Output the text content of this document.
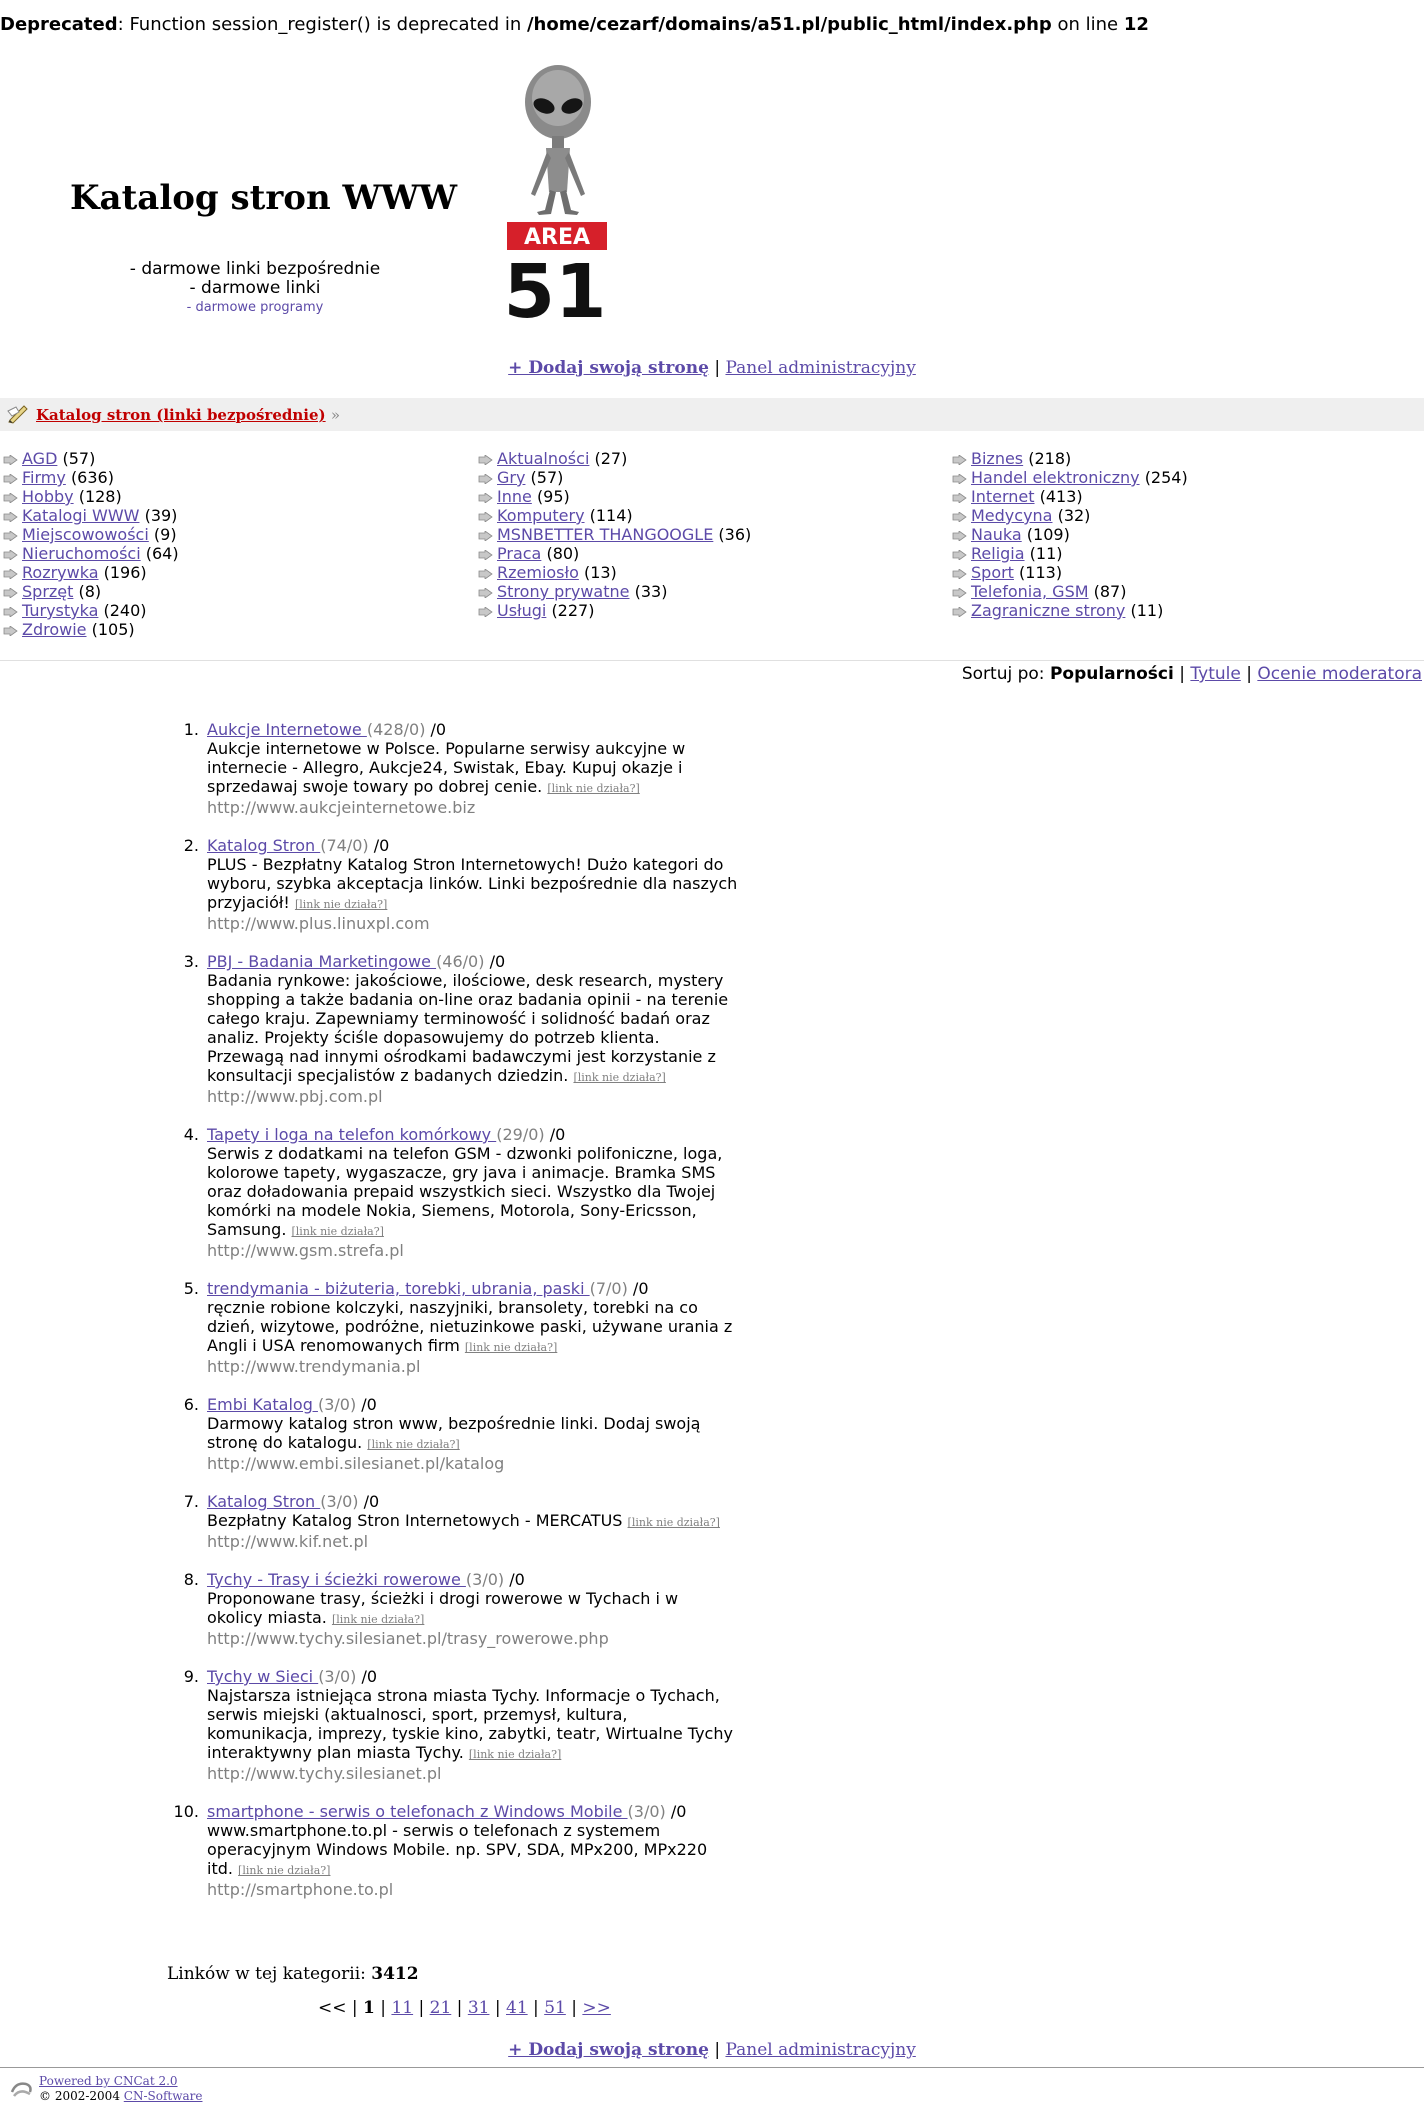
Deprecated: Function session_register() is deprecated in /home/cezarf/domains/a51.pl/public_html/index.php on line 12
Katalog stron WWW
- darmowe linki bezpośrednie
- darmowe linki
- darmowe programy
AREA
51
+ Dodaj swoją stronę | Panel administracyjny
Katalog stron (linki bezpośrednie) »
AGD (57)
Firmy (636)
Hobby (128)
Katalogi WWW (39)
Miejscowowości (9)
Nieruchomości (64)
Rozrywka (196)
Sprzęt (8)
Turystyka (240)
Zdrowie (105)
Aktualności (27)
Gry (57)
Inne (95)
Komputery (114)
MSNBETTER THANGOOGLE (36)
Praca (80)
Rzemiosło (13)
Strony prywatne (33)
Usługi (227)
Biznes (218)
Handel elektroniczny (254)
Internet (413)
Medycyna (32)
Nauka (109)
Religia (11)
Sport (113)
Telefonia, GSM (87)
Zagraniczne strony (11)
Sortuj po: Popularności | Tytule | Ocenie moderatora
1. Aukcje Internetowe (428/0) /0
Aukcje internetowe w Polsce. Popularne serwisy aukcyjne w internecie - Allegro, Aukcje24, Swistak, Ebay. Kupuj okazje i sprzedawaj swoje towary po dobrej cenie. [link nie działa?]
http://www.aukcjeinternetowe.biz
2. Katalog Stron (74/0) /0
PLUS - Bezpłatny Katalog Stron Internetowych! Dużo kategori do wyboru, szybka akceptacja linków. Linki bezpośrednie dla naszych przyjaciół! [link nie działa?]
http://www.plus.linuxpl.com
3. PBJ - Badania Marketingowe (46/0) /0
Badania rynkowe: jakościowe, ilościowe, desk research, mystery shopping a także badania on-line oraz badania opinii - na terenie całego kraju. Zapewniamy terminowość i solidność badań oraz analiz. Projekty ściśle dopasowujemy do potrzeb klienta. Przewagą nad innymi ośrodkami badawczymi jest korzystanie z konsultacji specjalistów z badanych dziedzin. [link nie działa?]
http://www.pbj.com.pl
4. Tapety i loga na telefon komórkowy (29/0) /0
Serwis z dodatkami na telefon GSM - dzwonki polifoniczne, loga, kolorowe tapety, wygaszacze, gry java i animacje. Bramka SMS oraz doładowania prepaid wszystkich sieci. Wszystko dla Twojej komórki na modele Nokia, Siemens, Motorola, Sony-Ericsson, Samsung. [link nie działa?]
http://www.gsm.strefa.pl
5. trendymania - biżuteria, torebki, ubrania, paski (7/0) /0
ręcznie robione kolczyki, naszyjniki, bransolety, torebki na co dzień, wizytowe, podróżne, nietuzinkowe paski, używane urania z Angli i USA renomowanych firm [link nie działa?]
http://www.trendymania.pl
6. Embi Katalog (3/0) /0
Darmowy katalog stron www, bezpośrednie linki. Dodaj swoją stronę do katalogu. [link nie działa?]
http://www.embi.silesianet.pl/katalog
7. Katalog Stron (3/0) /0
Bezpłatny Katalog Stron Internetowych - MERCATUS [link nie działa?]
http://www.kif.net.pl
8. Tychy - Trasy i ścieżki rowerowe (3/0) /0
Proponowane trasy, ścieżki i drogi rowerowe w Tychach i w okolicy miasta. [link nie działa?]
http://www.tychy.silesianet.pl/trasy_rowerowe.php
9. Tychy w Sieci (3/0) /0
Najstarsza istniejąca strona miasta Tychy. Informacje o Tychach, serwis miejski (aktualnosci, sport, przemysł, kultura, komunikacja, imprezy, tyskie kino, zabytki, teatr, Wirtualne Tychy interaktywny plan miasta Tychy. [link nie działa?]
http://www.tychy.silesianet.pl
10. smartphone - serwis o telefonach z Windows Mobile (3/0) /0
www.smartphone.to.pl - serwis o telefonach z systemem operacyjnym Windows Mobile. np. SPV, SDA, MPx200, MPx220 itd. [link nie działa?]
http://smartphone.to.pl
Linków w tej kategorii: 3412
<< | 1 | 11 | 21 | 31 | 41 | 51 | >>
+ Dodaj swoją stronę | Panel administracyjny
Powered by CNCat 2.0
© 2002-2004 CN-Software
